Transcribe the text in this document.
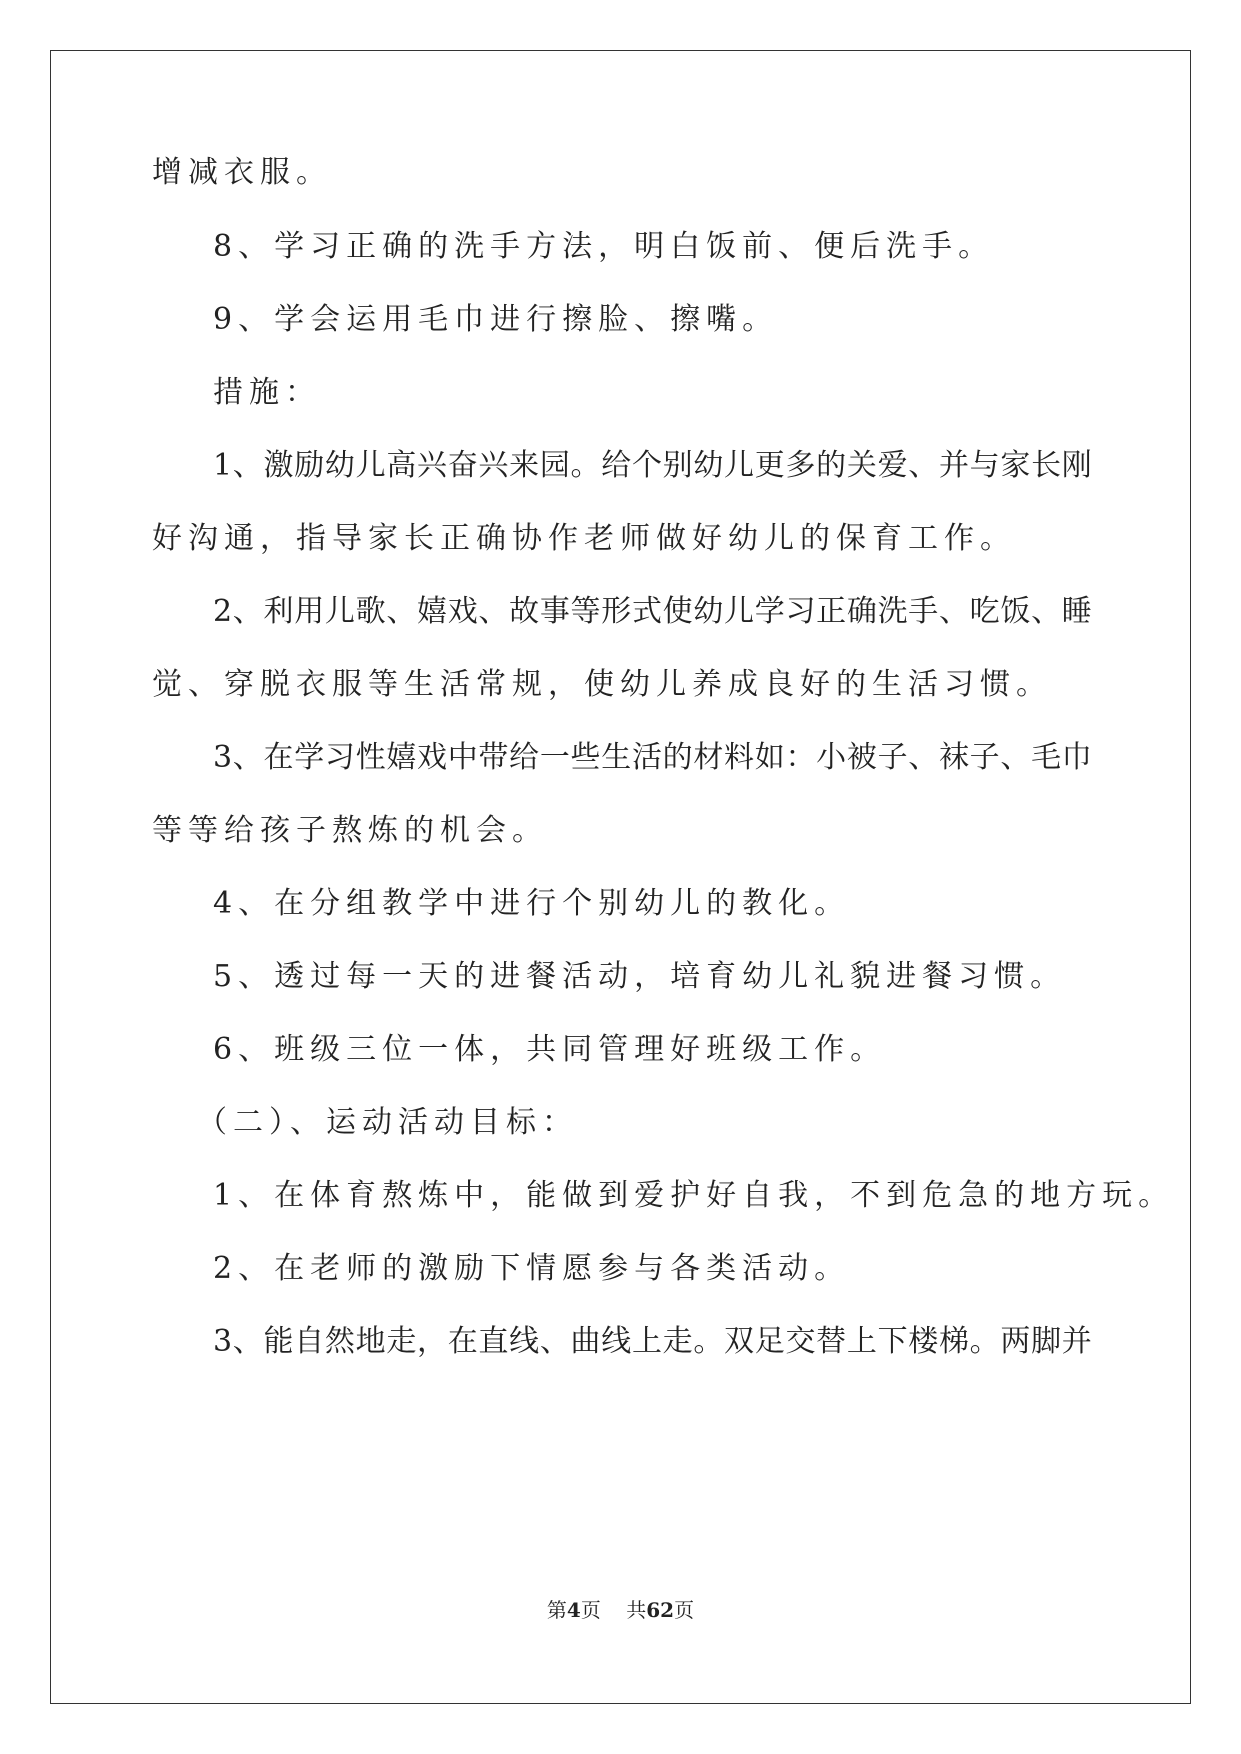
增减衣服。
8、学习正确的洗手方法，明白饭前、便后洗手。
9、学会运用毛巾进行擦脸、擦嘴。
措施：
1 、 激 励 幼 儿 高 兴 奋 兴 来 园 。 给 个 别 幼 儿 更 多 的 关 爱 、 并 与 家 长 刚
好沟通，指导家长正确协作老师做好幼儿的保育工作。
2 、 利 用 儿 歌 、 嬉 戏 、 故 事 等 形 式 使 幼 儿 学 习 正 确 洗 手 、 吃 饭 、 睡
觉、穿脱衣服等生活常规，使幼儿养成良好的生活习惯。
3 、 在 学 习 性 嬉 戏 中 带 给 一 些 生 活 的 材 料 如 ： 小 被 子 、 袜 子 、 毛 巾
等等给孩子熬炼的机会。
4、在分组教学中进行个别幼儿的教化。
5、透过每一天的进餐活动，培育幼儿礼貌进餐习惯。
6、班级三位一体，共同管理好班级工作。
（二）、运动活动目标：
1、在体育熬炼中，能做到爱护好自我，不到危急的地方玩。
2、在老师的激励下情愿参与各类活动。
3 、 能 自 然 地 走 ， 在 直 线 、 曲 线 上 走 。 双 足 交 替 上 下 楼 梯 。 两 脚 并
第4页 共62页
